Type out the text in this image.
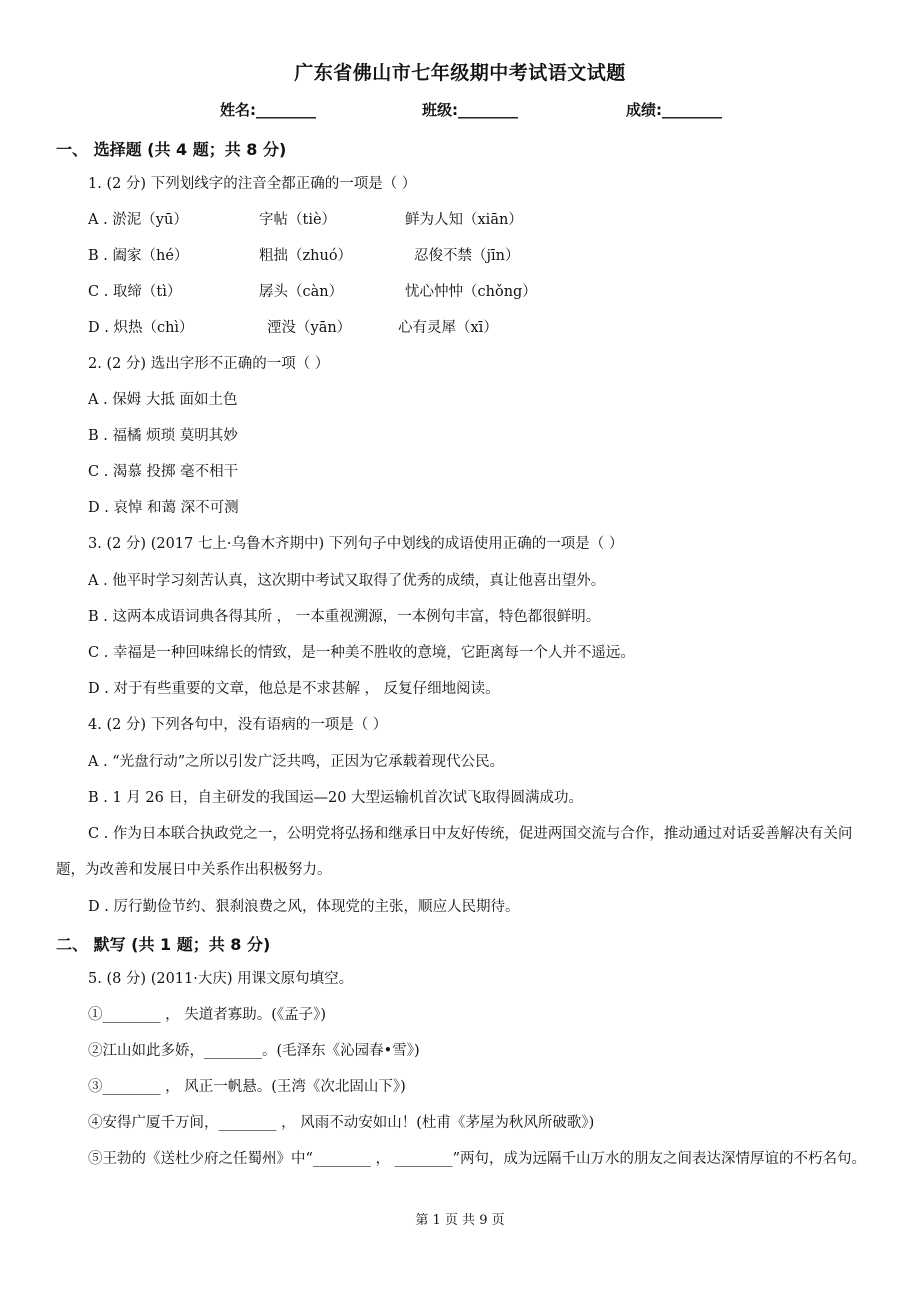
广东省佛山市七年级期中考试语文试题
姓名:________	班级:________	成绩:________
一、 选择题 (共 4 题；共 8 分)
1. (2 分) 下列划线字的注音全都正确的一项是（ ）
A . 淤泥（yū）	字帖（tiè）	鲜为人知（xiān）
B . 阖家（hé）	粗拙（zhuó）	忍俊不禁（jīn）
C . 取缔（tì）	孱头（càn）	忧心忡忡（chǒng）
D . 炽热（chì）	湮没（yān）	心有灵犀（xī）
2. (2 分) 选出字形不正确的一项（ ）
A . 保姆 大抵 面如土色
B . 福橘 烦琐 莫明其妙
C . 渴慕 投掷 毫不相干
D . 哀悼 和蔼 深不可测
3. (2 分) (2017 七上·乌鲁木齐期中) 下列句子中划线的成语使用正确的一项是（ ）
A . 他平时学习刻苦认真，这次期中考试又取得了优秀的成绩，真让他喜出望外。
B . 这两本成语词典各得其所 ， 一本重视溯源，一本例句丰富，特色都很鲜明。
C . 幸福是一种回味绵长的情致，是一种美不胜收的意境，它距离每一个人并不遥远。
D . 对于有些重要的文章，他总是不求甚解 ， 反复仔细地阅读。
4. (2 分) 下列各句中，没有语病的一项是（ ）
A . “光盘行动”之所以引发广泛共鸣，正因为它承载着现代公民。
B . 1 月 26 日，自主研发的我国运—20 大型运输机首次试飞取得圆满成功。
C . 作为日本联合执政党之一，公明党将弘扬和继承日中友好传统，促进两国交流与合作，推动通过对话妥善解决有关问题，为改善和发展日中关系作出积极努力。
D . 厉行勤俭节约、狠刹浪费之风，体现党的主张，顺应人民期待。
二、 默写 (共 1 题；共 8 分)
5. (8 分) (2011·大庆) 用课文原句填空。
①________ ， 失道者寡助。(《孟子》)
②江山如此多娇，________。(毛泽东《沁园春•雪》)
③________ ， 风正一帆悬。(王湾《次北固山下》)
④安得广厦千万间，________ ， 风雨不动安如山！(杜甫《茅屋为秋风所破歌》)
⑤王勃的《送杜少府之任蜀州》中“________ ， ________”两句，成为远隔千山万水的朋友之间表达深情厚谊的不朽名句。
第 1 页 共 9 页
